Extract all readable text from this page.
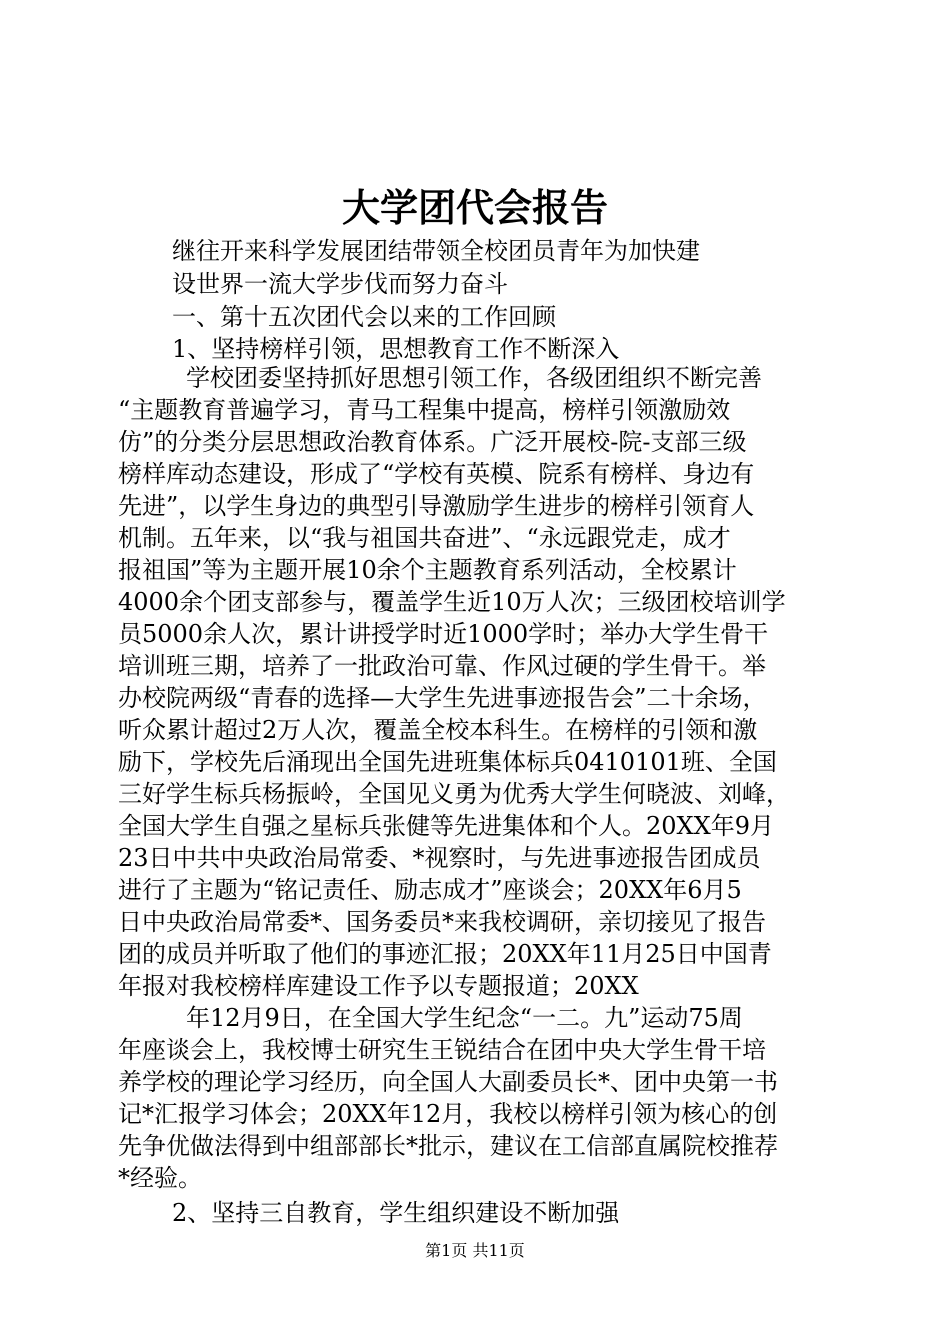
大学团代会报告
继往开来科学发展团结带领全校团员青年为加快建
设世界一流大学步伐而努力奋斗
一、第十五次团代会以来的工作回顾
1、坚持榜样引领，思想教育工作不断深入
学校团委坚持抓好思想引领工作，各级团组织不断完善
“主题教育普遍学习，青马工程集中提高，榜样引领激励效
仿”的分类分层思想政治教育体系。广泛开展校-院-支部三级
榜样库动态建设，形成了“学校有英模、院系有榜样、身边有
先进”，以学生身边的典型引导激励学生进步的榜样引领育人
机制。五年来，以“我与祖国共奋进”、“永远跟党走，成才
报祖国”等为主题开展10余个主题教育系列活动，全校累计
4000余个团支部参与，覆盖学生近10万人次；三级团校培训学
员5000余人次，累计讲授学时近1000学时；举办大学生骨干
培训班三期，培养了一批政治可靠、作风过硬的学生骨干。举
办校院两级“青春的选择—大学生先进事迹报告会”二十余场，
听众累计超过2万人次，覆盖全校本科生。在榜样的引领和激
励下，学校先后涌现出全国先进班集体标兵0410101班、全国
三好学生标兵杨振岭，全国见义勇为优秀大学生何晓波、刘峰，
全国大学生自强之星标兵张健等先进集体和个人。20XX年9月
23日中共中央政治局常委、*视察时，与先进事迹报告团成员
进行了主题为“铭记责任、励志成才”座谈会；20XX年6月5
日中央政治局常委*、国务委员*来我校调研，亲切接见了报告
团的成员并听取了他们的事迹汇报；20XX年11月25日中国青
年报对我校榜样库建设工作予以专题报道；20XX
年12月9日，在全国大学生纪念“一二。九”运动75周
年座谈会上，我校博士研究生王锐结合在团中央大学生骨干培
养学校的理论学习经历，向全国人大副委员长*、团中央第一书
记*汇报学习体会；20XX年12月，我校以榜样引领为核心的创
先争优做法得到中组部部长*批示，建议在工信部直属院校推荐
*经验。
2、坚持三自教育，学生组织建设不断加强
第1页 共11页
